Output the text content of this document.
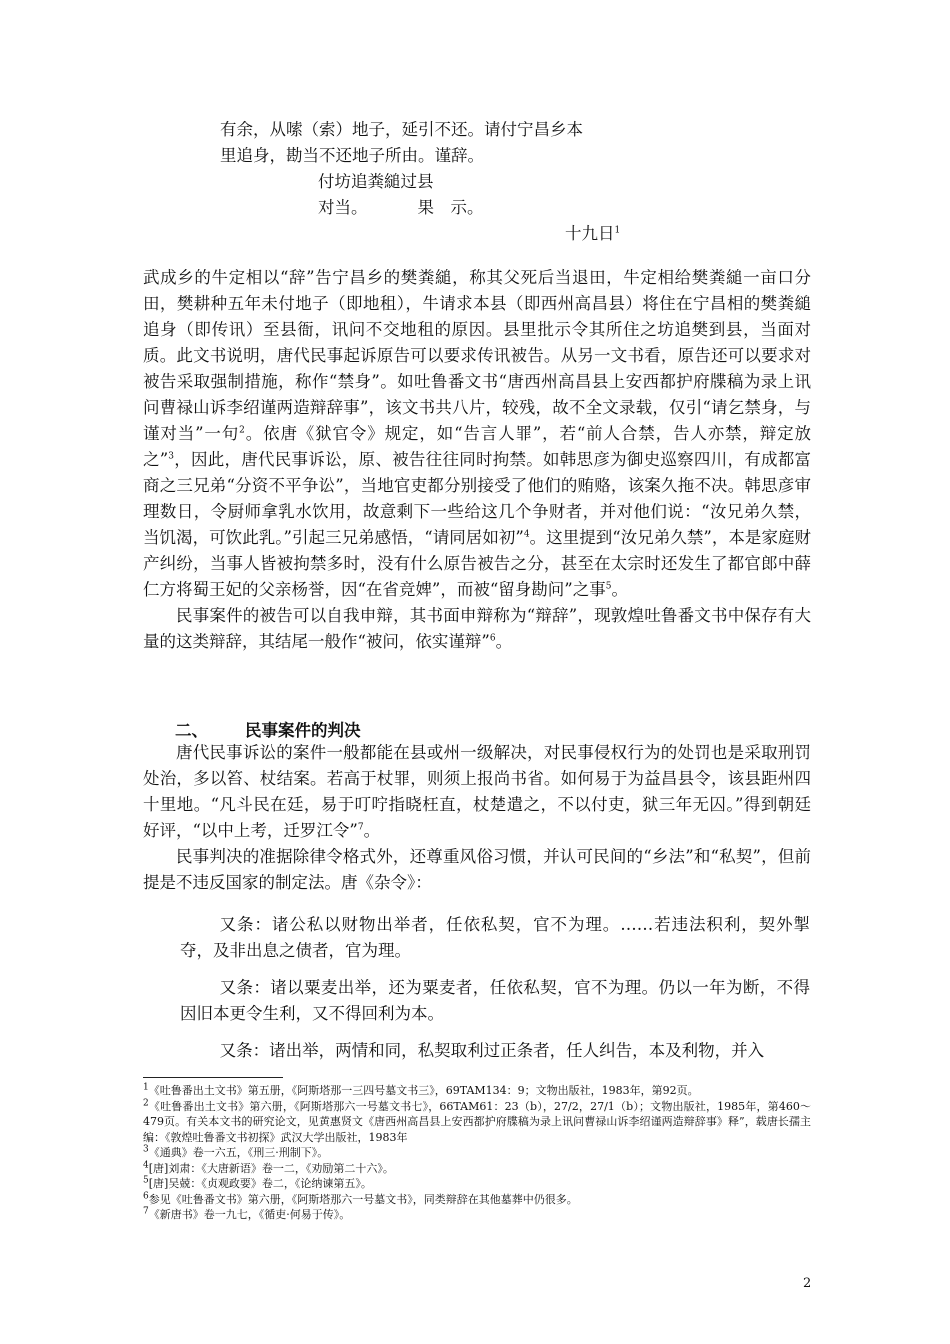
有余，从嗦（索）地子，延引不还。请付宁昌乡本
里追身，勘当不还地子所由。谨辞。
付坊追粪縋过县
对当。	果　示。
十九日$^1$

武成乡的牛定相以“辞”告宁昌乡的樊粪縋，称其父死后当退田，牛定相给樊粪縋一亩口分田，樊耕种五年未付地子（即地租），牛请求本县（即西州高昌县）将住在宁昌相的樊粪縋追身（即传讯）至县衙，讯问不交地租的原因。县里批示令其所住之坊追樊到县，当面对质。此文书说明，唐代民事起诉原告可以要求传讯被告。从另一文书看，原告还可以要求对被告采取强制措施，称作“禁身”。如吐鲁番文书“唐西州高昌县上安西都护府牒稿为录上讯问曹禄山诉李绍谨两造辩辞事”，该文书共八片，较残，故不全文录载，仅引“请乞禁身，与谨对当”一句$^2$。依唐《狱官令》规定，如“告言人罪”，若“前人合禁，告人亦禁，辩定放之”$^3$，因此，唐代民事诉讼，原、被告往往同时拘禁。如韩思彦为御史巡察四川，有成都富商之三兄弟“分资不平争讼”，当地官吏都分别接受了他们的贿赂，该案久拖不决。韩思彦审理数日，令厨师拿乳水饮用，故意剩下一些给这几个争财者，并对他们说：“汝兄弟久禁，当饥渴，可饮此乳。”引起三兄弟感悟，“请同居如初”$^4$。这里提到“汝兄弟久禁”，本是家庭财产纠纷，当事人皆被拘禁多时，没有什么原告被告之分，甚至在太宗时还发生了都官郎中薛仁方将蜀王妃的父亲杨誉，因“在省竞婢”，而被“留身勘问”之事$^5$。

民事案件的被告可以自我申辩，其书面申辩称为“辩辞”，现敦煌吐鲁番文书中保存有大量的这类辩辞，其结尾一般作“被问，依实谨辩”$^6$。

二、 民事案件的判决

唐代民事诉讼的案件一般都能在县或州一级解决，对民事侵权行为的处罚也是采取刑罚处治，多以笞、杖结案。若高于杖罪，则须上报尚书省。如何易于为益昌县令，该县距州四十里地。“凡斗民在廷，易于叮咛指晓枉直，杖楚遣之，不以付吏，狱三年无囚。”得到朝廷好评，“以中上考，迁罗江令”$^7$。

民事判决的准据除律令格式外，还尊重风俗习惯，并认可民间的“乡法”和“私契”，但前提是不违反国家的制定法。唐《杂令》：

又条：诸公私以财物出举者，任依私契，官不为理。……若违法积利，契外掣夺，及非出息之债者，官为理。

又条：诸以粟麦出举，还为粟麦者，任依私契，官不为理。仍以一年为断，不得因旧本更令生利，又不得回利为本。

又条：诸出举，两情和同，私契取利过正条者，任人纠告，本及利物，并入

$^1$《吐鲁番出土文书》第五册，《阿斯塔那一三四号墓文书三》，69TAM134：9；文物出版社，1983年，第92页。
$^2$《吐鲁番出土文书》第六册，《阿斯塔那六一号墓文书七》，66TAM61：23（b），27/2，27/1（b）；文物出版社，1985年，第460～479页。有关本文书的研究论文，见黄惠贤文《唐西州高昌县上安西都护府牒稿为录上讯问曹禄山诉李绍谨两造辩辞事》释”，载唐长孺主编：《敦煌吐鲁番文书初探》武汉大学出版社，1983年
$^3$《通典》卷一六五，《刑三·刑制下》。
$^4$[唐]刘肃：《大唐新语》卷一二，《劝励第二十六》。
$^5$[唐]吴兢：《贞观政要》卷二，《论纳谏第五》。
$^6$参见《吐鲁番文书》第六册，《阿斯塔那六一号墓文书》，同类辩辞在其他墓葬中仍很多。
$^7$《新唐书》卷一九七，《循吏·何易于传》。
2
